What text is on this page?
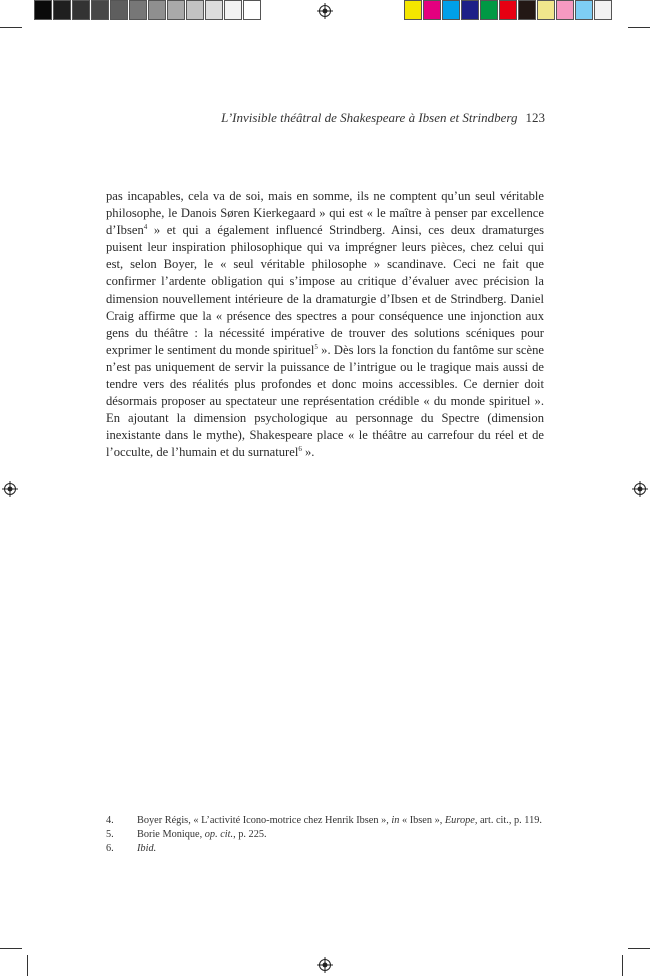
L’Invisible théâtral de Shakespeare à Ibsen et Strindberg 123

pas incapables, cela va de soi, mais en somme, ils ne comptent qu’un seul véritable philosophe, le Danois Søren Kierkegaard » qui est « le maître à penser par excellence d’Ibsen$^4$ » et qui a également influencé Strindberg. Ainsi, ces deux dramaturges puisent leur inspiration philosophique qui va imprégner leurs pièces, chez celui qui est, selon Boyer, le « seul véritable philosophe » scandinave. Ceci ne fait que confirmer l’ardente obligation qui s’impose au critique d’évaluer avec précision la dimension nouvellement intérieure de la dramaturgie d’Ibsen et de Strindberg. Daniel Craig affirme que la « présence des spectres a pour conséquence une injonction aux gens du théâtre : la nécessité impérative de trouver des solutions scéniques pour exprimer le sentiment du monde spirituel$^5$ ». Dès lors la fonction du fantôme sur scène n’est pas uniquement de servir la puissance de l’intrigue ou le tragique mais aussi de tendre vers des réalités plus profondes et donc moins accessibles. Ce dernier doit désormais proposer au spectateur une représentation crédible « du monde spirituel ». En ajoutant la dimension psychologique au personnage du Spectre (dimension inexistante dans le mythe), Shakespeare place « le théâtre au carrefour du réel et de l’occulte, de l’humain et du surnaturel$^6$ ».

4.	Boyer Régis, « L’activité Icono-motrice chez Henrik Ibsen », in « Ibsen », Europe, art. cit., p. 119.
5.	Borie Monique, op. cit., p. 225.
6.	Ibid.
